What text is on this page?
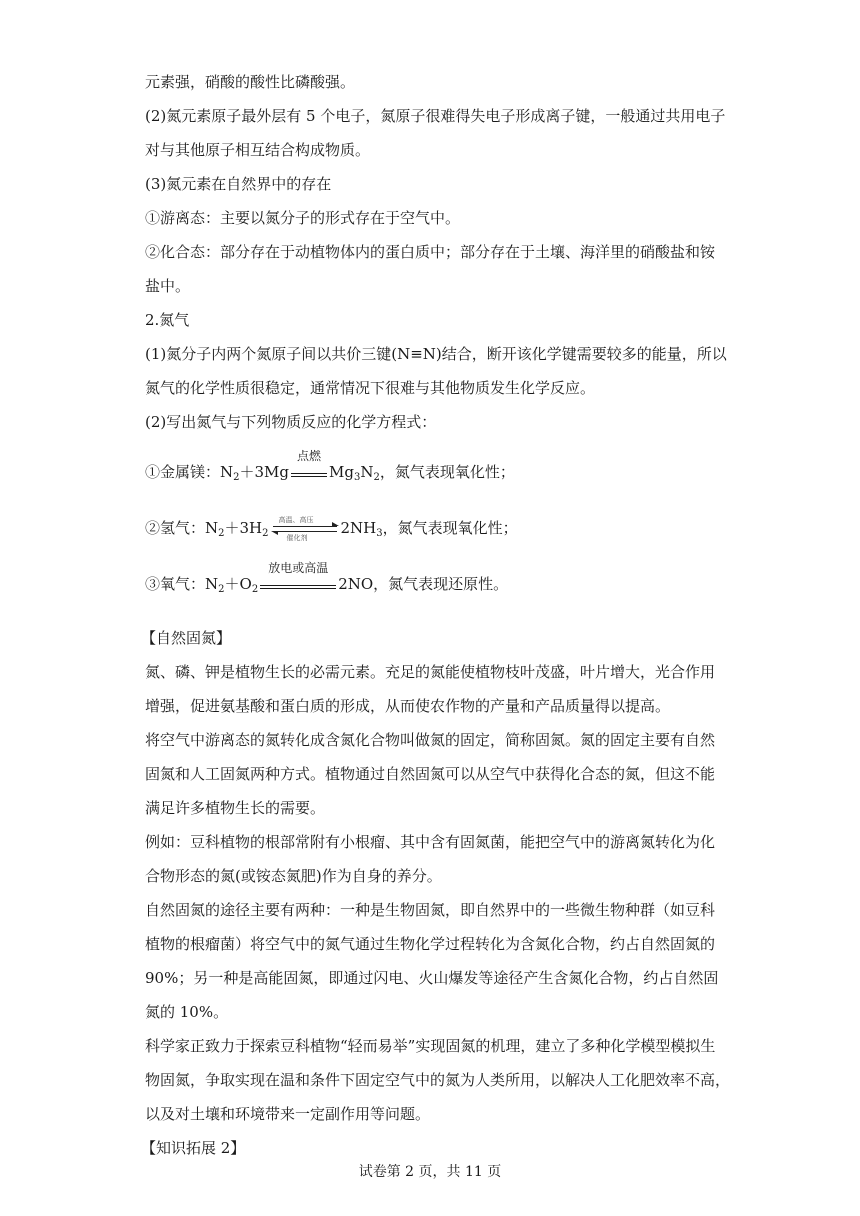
元素强，硝酸的酸性比磷酸强。
(2)氮元素原子最外层有 5 个电子，氮原子很难得失电子形成离子键，一般通过共用电子
对与其他原子相互结合构成物质。
(3)氮元素在自然界中的存在
①游离态：主要以氮分子的形式存在于空气中。
②化合态：部分存在于动植物体内的蛋白质中；部分存在于土壤、海洋里的硝酸盐和铵
盐中。
2.氮气
(1)氮分子内两个氮原子间以共价三键(N≡N)结合，断开该化学键需要较多的能量，所以
氮气的化学性质很稳定，通常情况下很难与其他物质发生化学反应。
(2)写出氮气与下列物质反应的化学方程式：
①金属镁：$N_2+3Mg$
点燃
$Mg_3N_2$，氮气表现氧化性；
②氢气：$N_2+3H_2$
高温、高压
催化剂
$2NH_3$，氮气表现氧化性；
③氧气：$N_2+O_2$
放电或高温
2NO，氮气表现还原性。
【自然固氮】
氮、磷、钾是植物生长的必需元素。充足的氮能使植物枝叶茂盛，叶片增大，光合作用
增强，促进氨基酸和蛋白质的形成，从而使农作物的产量和产品质量得以提高。
将空气中游离态的氮转化成含氮化合物叫做氮的固定，简称固氮。氮的固定主要有自然
固氮和人工固氮两种方式。植物通过自然固氮可以从空气中获得化合态的氮，但这不能
满足许多植物生长的需要。
例如：豆科植物的根部常附有小根瘤、其中含有固氮菌，能把空气中的游离氮转化为化
合物形态的氮(或铵态氮肥)作为自身的养分。
自然固氮的途径主要有两种：一种是生物固氮，即自然界中的一些微生物种群（如豆科
植物的根瘤菌）将空气中的氮气通过生物化学过程转化为含氮化合物，约占自然固氮的
90%；另一种是高能固氮，即通过闪电、火山爆发等途径产生含氮化合物，约占自然固
氮的 10%。
科学家正致力于探索豆科植物“轻而易举”实现固氮的机理，建立了多种化学模型模拟生
物固氮，争取实现在温和条件下固定空气中的氮为人类所用，以解决人工化肥效率不高，
以及对土壤和环境带来一定副作用等问题。
【知识拓展 2】
试卷第 2 页，共 11 页
